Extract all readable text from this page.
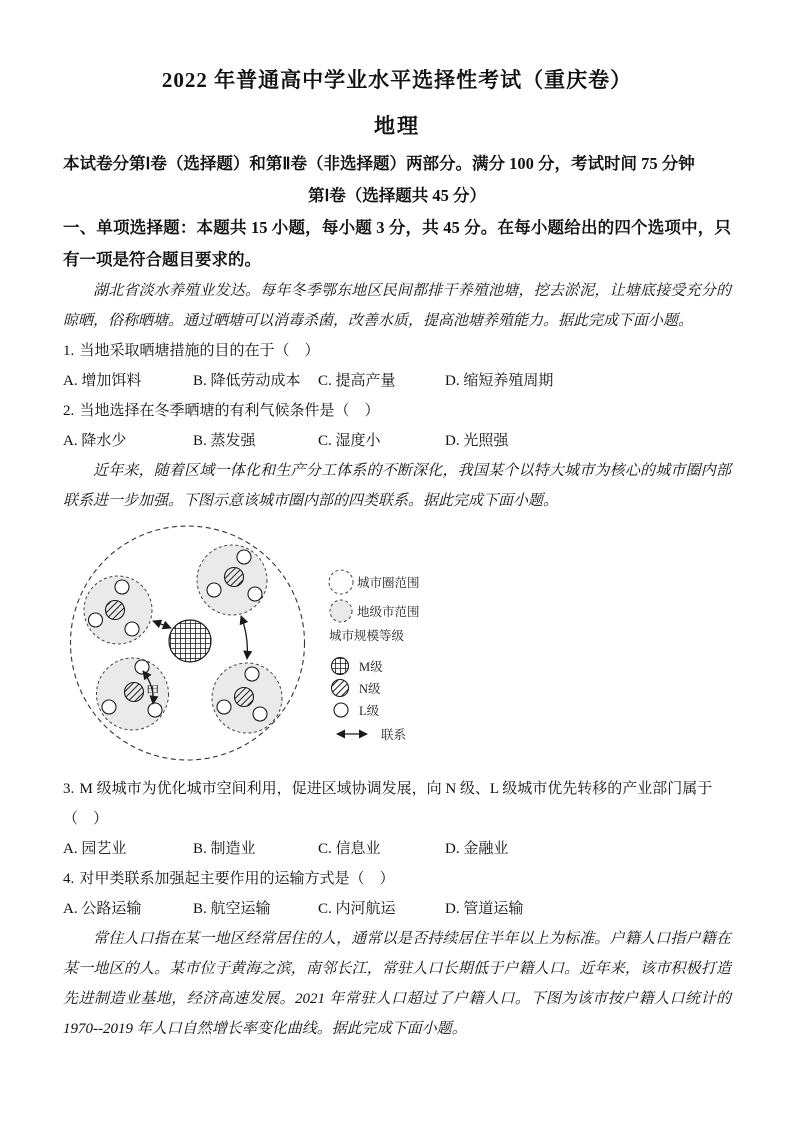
2022 年普通高中学业水平选择性考试（重庆卷）
地理

本试卷分第Ⅰ卷（选择题）和第Ⅱ卷（非选择题）两部分。满分 100 分，考试时间 75 分钟

第Ⅰ卷（选择题共 45 分）

一、单项选择题：本题共 15 小题，每小题 3 分，共 45 分。在每小题给出的四个选项中，只有一项是符合题目要求的。

湖北省淡水养殖业发达。每年冬季鄂东地区民间都排干养殖池塘，挖去淤泥，让塘底接受充分的晾晒，俗称晒塘。通过晒塘可以消毒杀菌，改善水质，提高池塘养殖能力。据此完成下面小题。

1. 当地采取晒塘措施的目的在于（　）

A. 增加饵料	B. 降低劳动成本	C. 提高产量	D. 缩短养殖周期

2. 当地选择在冬季晒塘的有利气候条件是（　）

A. 降水少	B. 蒸发强	C. 湿度小	D. 光照强

近年来，随着区域一体化和生产分工体系的不断深化，我国某个以特大城市为核心的城市圈内部联系进一步加强。下图示意该城市圈内部的四类联系。据此完成下面小题。

甲
城市圈范围
地级市范围
城市规模等级
M级
N级
L级
联系

3. M 级城市为优化城市空间利用，促进区域协调发展，向 N 级、L 级城市优先转移的产业部门属于（　）

A. 园艺业	B. 制造业	C. 信息业	D. 金融业

4. 对甲类联系加强起主要作用的运输方式是（　）

A. 公路运输	B. 航空运输	C. 内河航运	D. 管道运输

常住人口指在某一地区经常居住的人，通常以是否持续居住半年以上为标准。户籍人口指户籍在某一地区的人。某市位于黄海之滨，南邻长江，常驻人口长期低于户籍人口。近年来，该市积极打造先进制造业基地，经济高速发展。2021 年常驻人口超过了户籍人口。下图为该市按户籍人口统计的 1970--2019 年人口自然增长率变化曲线。据此完成下面小题。
